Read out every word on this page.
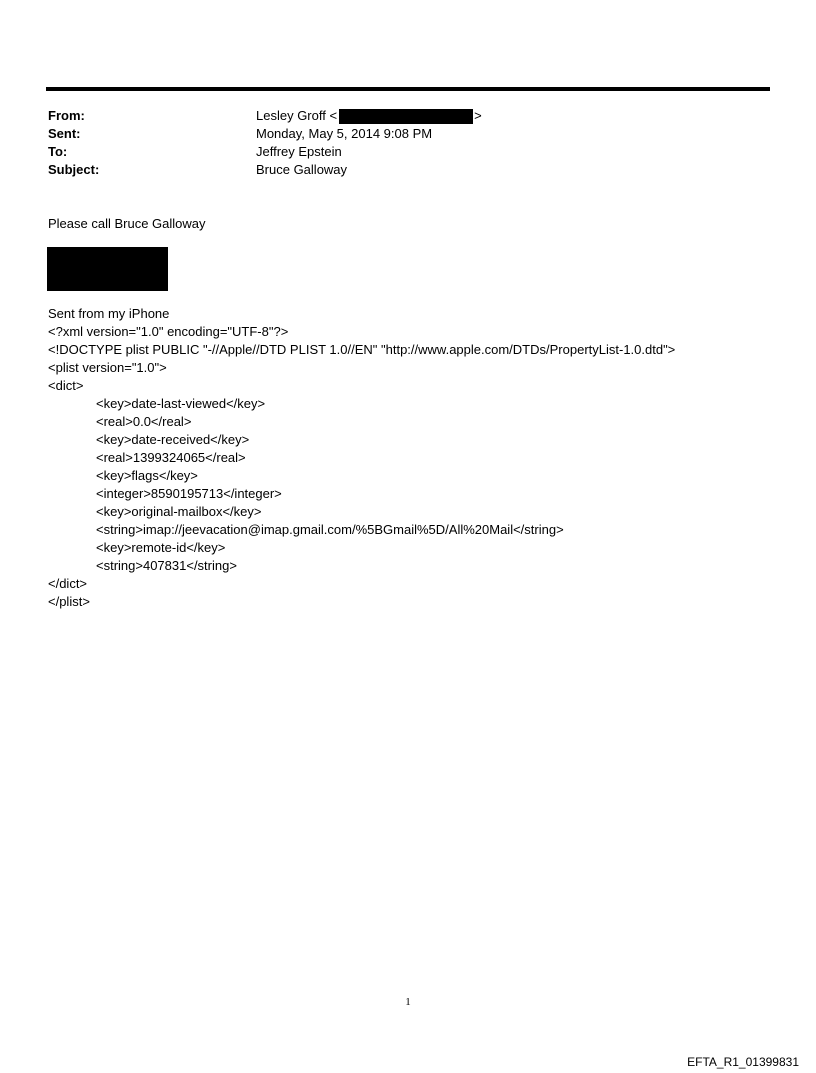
From:	Lesley Groff <	>
Sent:	Monday, May 5, 2014 9:08 PM
To:	Jeffrey Epstein
Subject:	Bruce Galloway
Please call Bruce Galloway
Sent from my iPhone
<?xml version="1.0" encoding="UTF-8"?>
<!DOCTYPE plist PUBLIC "-//Apple//DTD PLIST 1.0//EN" "http://www.apple.com/DTDs/PropertyList-1.0.dtd">
<plist version="1.0">
<dict>
<key>date-last-viewed</key>
<real>0.0</real>
<key>date-received</key>
<real>1399324065</real>
<key>flags</key>
<integer>8590195713</integer>
<key>original-mailbox</key>
<string>imap://jeevacation@imap.gmail.com/%5BGmail%5D/All%20Mail</string>
<key>remote-id</key>
<string>407831</string>
</dict>
</plist>
1
EFTA_R1_01399831
